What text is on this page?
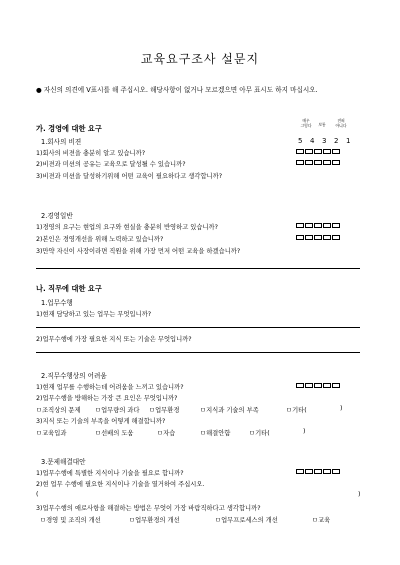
교육요구조사 설문지
● 자신의 의견에 V표시를 해 주십시오. 해당사항이 없거나 모르겠으면 아무 표시도 하지 마십시오.
가. 경영에 대한 요구
매우
그렇다	보통
전혀
아니다
5 4 3 2 1
1.회사의 비젼
1)회사의 비젼을 충분히 알고 있습니까?
2)비젼과 미션의 공유는 교육으로 달성될 수 있습니까?
3)비젼과 미션을 달성하기위해 어떤 교육이 필요하다고 생각합니까?
2.경영일반
1)경영의 요구는 현업의 요구와 현실을 충분히 반영하고 있습니까?
2)본인은 경영개선을 위해 노력하고 있습니까?
3)만약 자신이 사장이라면 직원을 위해 가장 먼저 어떤 교육을 하겠습니까?
나. 직무에 대한 요구
1.업무수행
1)현재 담당하고 있는 업무는 무엇입니까?
2)업무수행에 가장 필요한 지식 또는 기술은 무엇입니까?
2.직무수행상의 어려움
1)현재 업무를 수행하는데 어려움을 느끼고 있습니까?
2)업무수행을 방해하는 가장 큰 요인은 무엇입니까?
ㅁ조직상의 문제 ㅁ업무량의 과다 ㅁ업무환경	ㅁ지식과 기술의 부족	ㅁ기타(	)
3)지식 또는 기술의 부족을 어떻게 해결합니까?
ㅁ교육입과	ㅁ선배의 도움	ㅁ자습	ㅁ해결안함	ㅁ기타(	)
3.문제해결대안
1)업무수행에 특별한 지식이나 기술을 필요로 합니까?
2)현 업무 수행에 필요한 지식이나 기술을 열거하여 주십시오.
(	)
3)업무수행의 애로사항을 해결하는 방법은 무엇이 가장 바람직하다고 생각합니까?
ㅁ경영 및 조직의 개선	ㅁ업무환경의 개선	ㅁ업무프로세스의 개선	ㅁ교육
